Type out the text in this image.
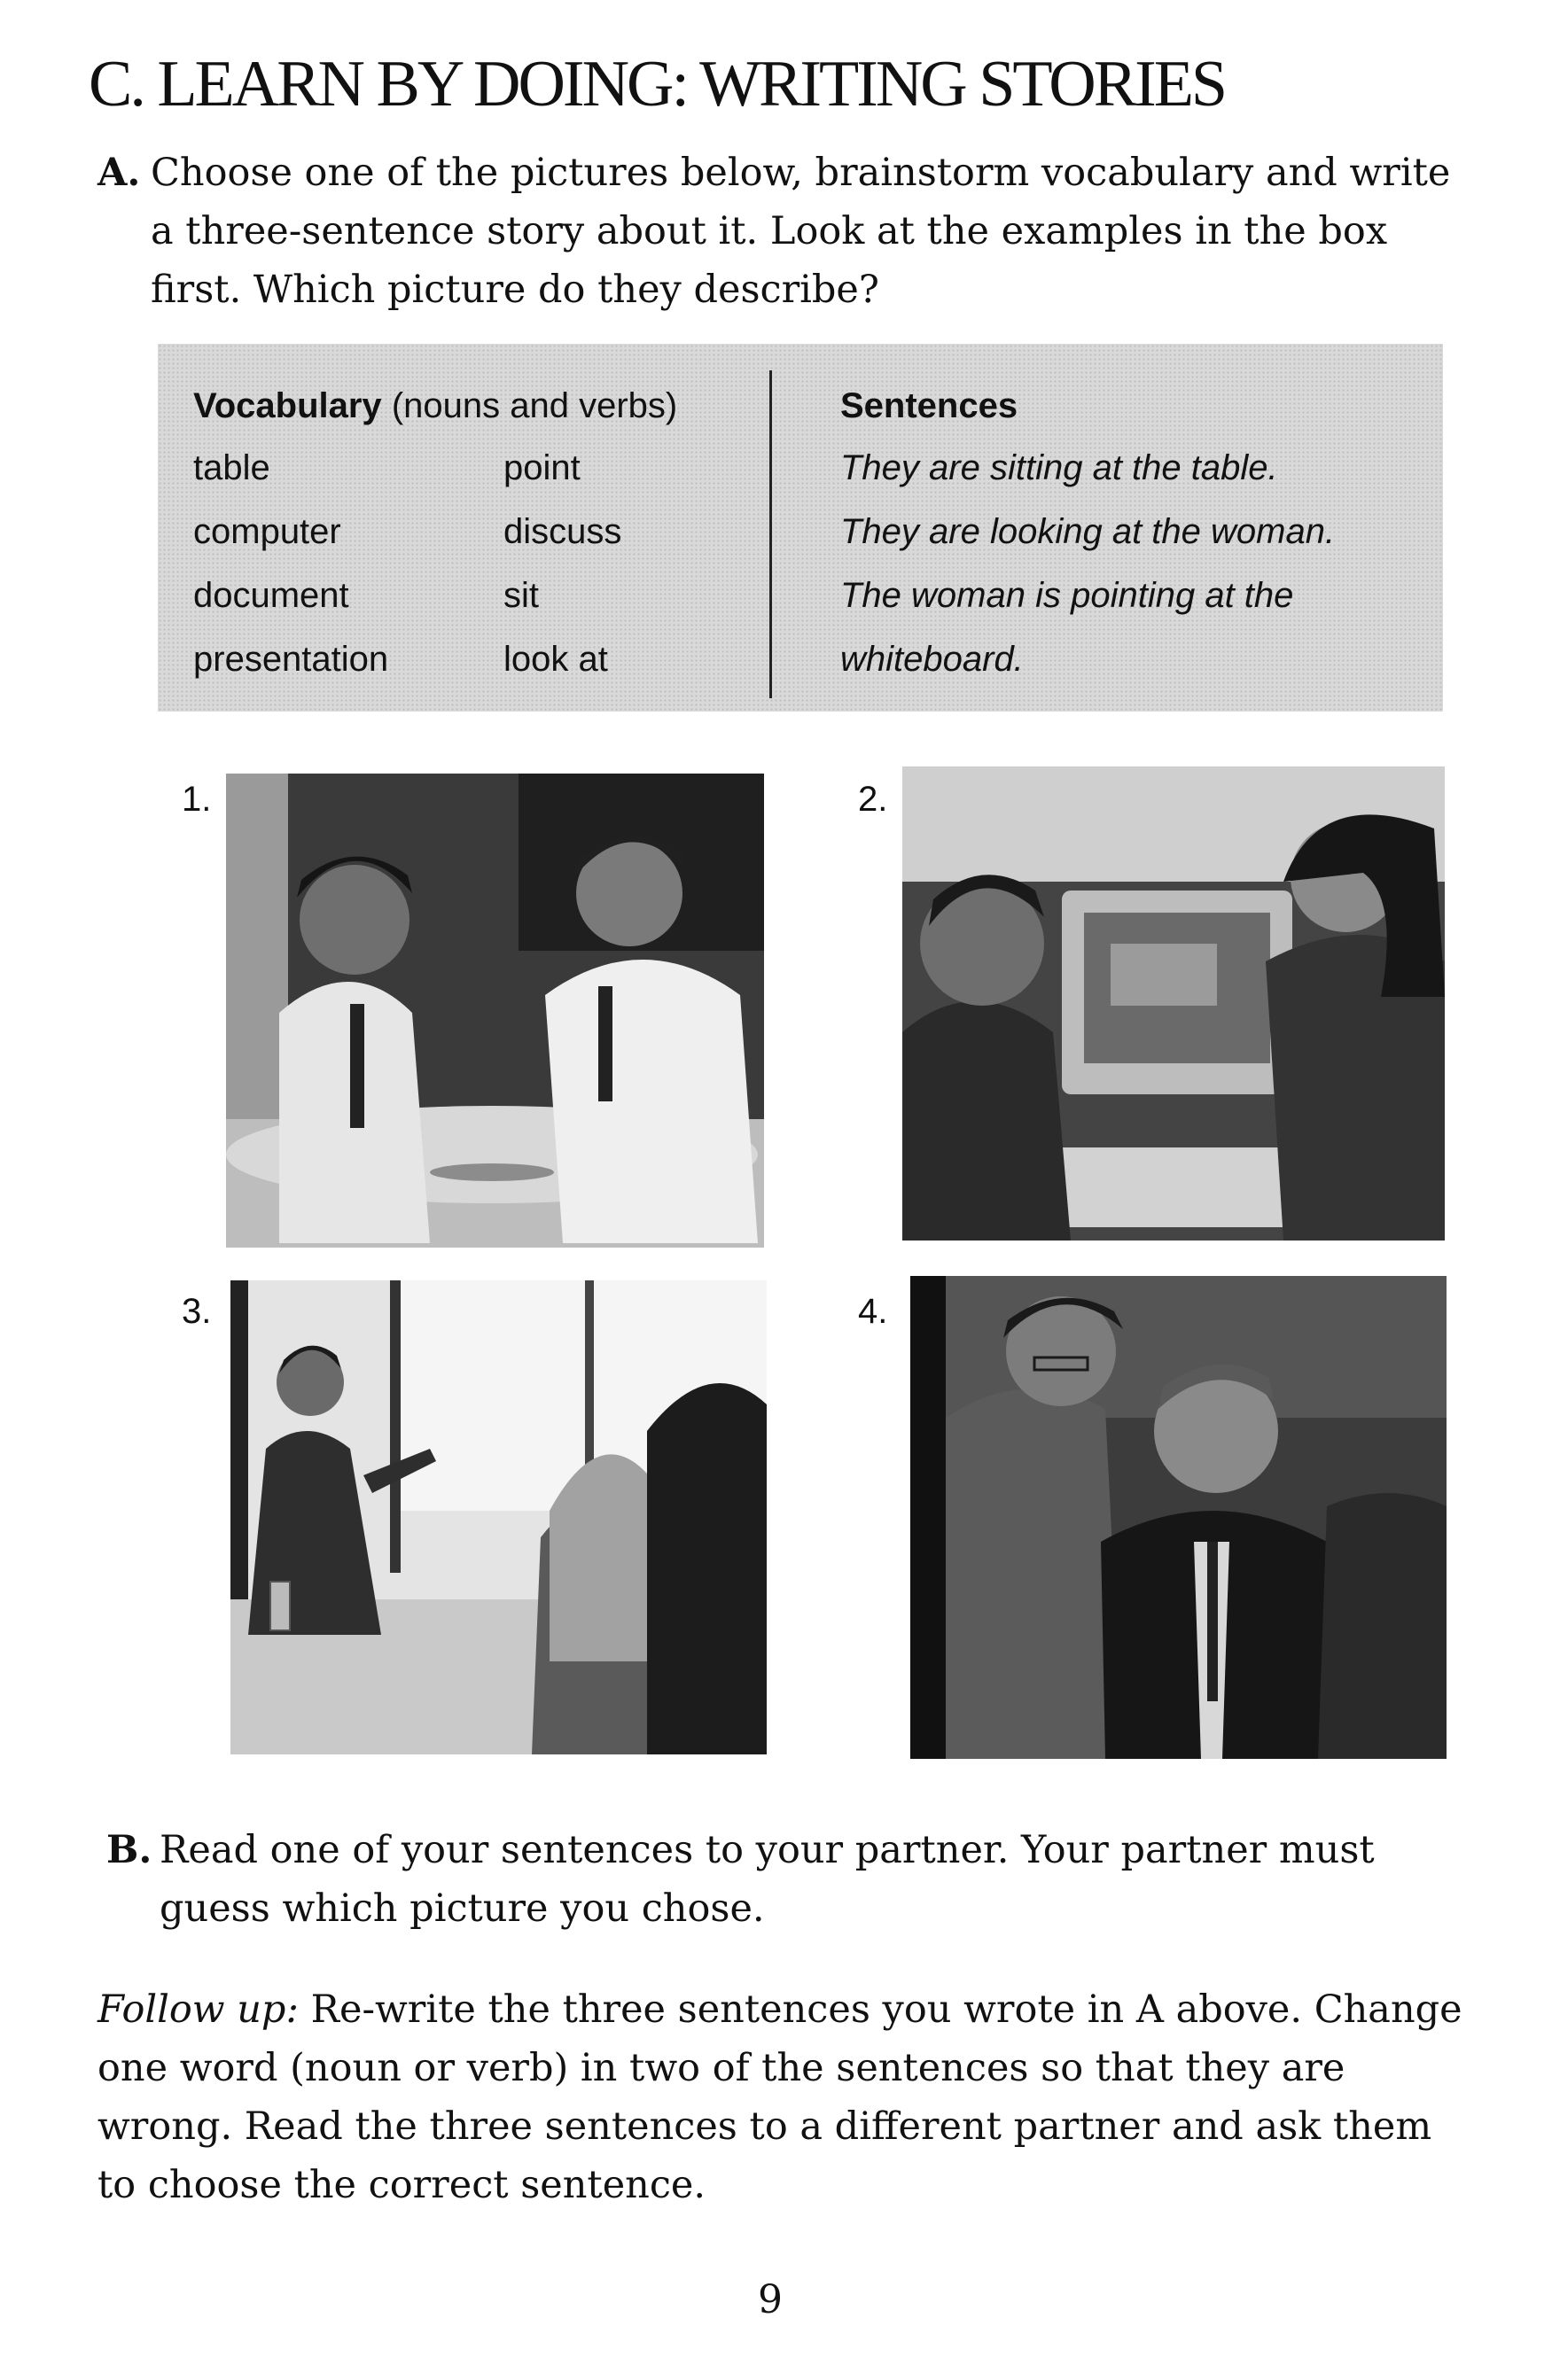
C. LEARN BY DOING: WRITING STORIES
A. Choose one of the pictures below, brainstorm vocabulary and write
a three-sentence story about it. Look at the examples in the box
first. Which picture do they describe?
Vocabulary (nouns and verbs)
table
computer
document
presentation
point
discuss
sit
look at
Sentences
They are sitting at the table.
They are looking at the woman.
The woman is pointing at the
whiteboard.
1.	2.
3.	4.
B. Read one of your sentences to your partner. Your partner must
guess which picture you chose.
Follow up: Re-write the three sentences you wrote in A above. Change
one word (noun or verb) in two of the sentences so that they are
wrong. Read the three sentences to a different partner and ask them
to choose the correct sentence.
9
